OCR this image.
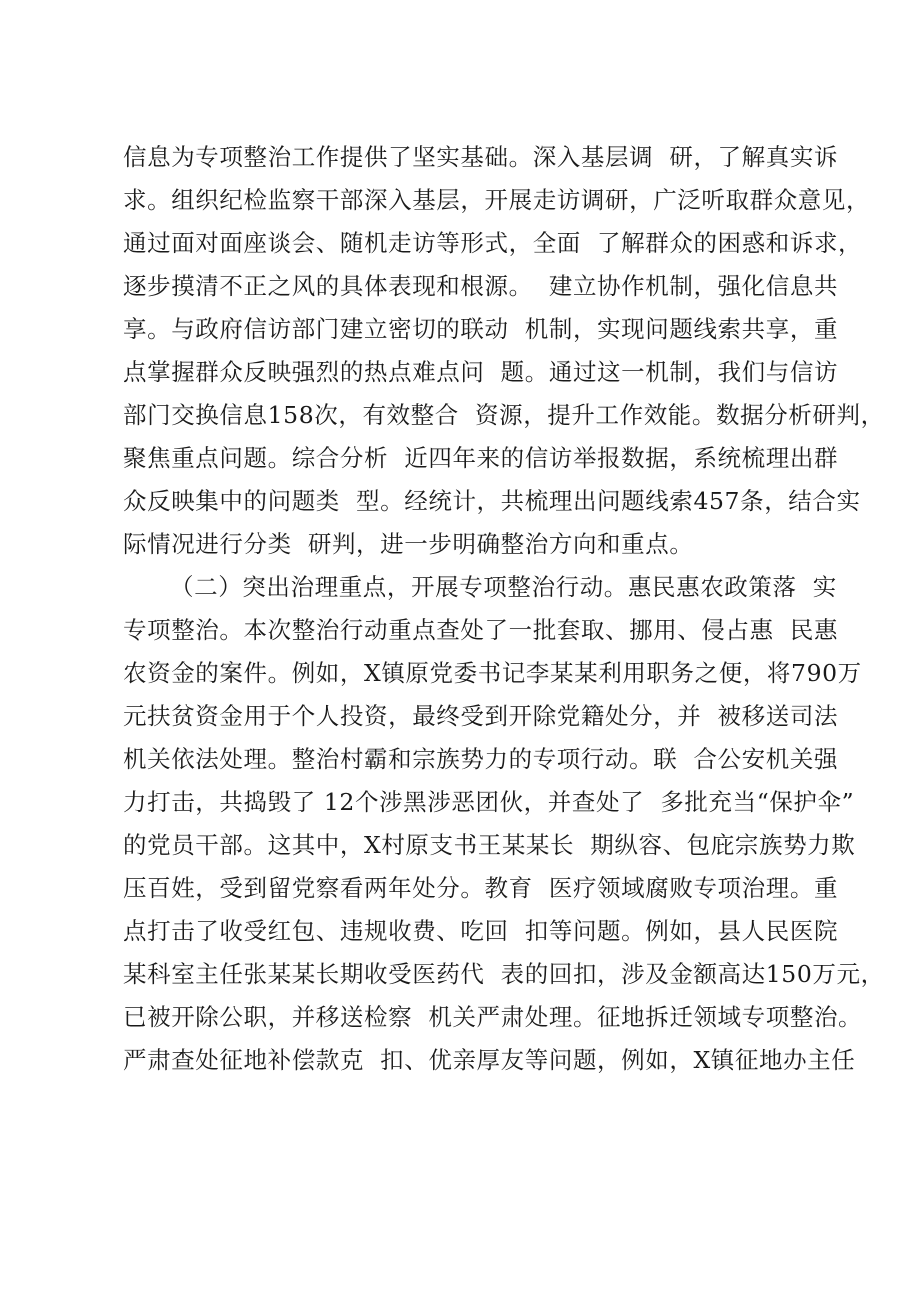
信息为专项整治工作提供了坚实基础。深入基层调  研，了解真实诉
求。组织纪检监察干部深入基层，开展走访调研，广泛听取群众意见，
通过面对面座谈会、随机走访等形式，全面  了解群众的困惑和诉求，
逐步摸清不正之风的具体表现和根源。  建立协作机制，强化信息共
享。与政府信访部门建立密切的联动  机制，实现问题线索共享，重
点掌握群众反映强烈的热点难点问  题。通过这一机制，我们与信访
部门交换信息158次，有效整合  资源，提升工作效能。数据分析研判，
聚焦重点问题。综合分析  近四年来的信访举报数据，系统梳理出群
众反映集中的问题类  型。经统计，共梳理出问题线索457条，结合实
际情况进行分类  研判，进一步明确整治方向和重点。
（二）突出治理重点，开展专项整治行动。惠民惠农政策落  实
专项整治。本次整治行动重点查处了一批套取、挪用、侵占惠  民惠
农资金的案件。例如，X镇原党委书记李某某利用职务之便，将790万
元扶贫资金用于个人投资，最终受到开除党籍处分，并  被移送司法
机关依法处理。整治村霸和宗族势力的专项行动。联  合公安机关强
力打击，共捣毁了 12个涉黑涉恶团伙，并查处了  多批充当“保护伞”
的党员干部。这其中，X村原支书王某某长  期纵容、包庇宗族势力欺
压百姓，受到留党察看两年处分。教育  医疗领域腐败专项治理。重
点打击了收受红包、违规收费、吃回  扣等问题。例如，县人民医院
某科室主任张某某长期收受医药代  表的回扣，涉及金额高达150万元，
已被开除公职，并移送检察  机关严肃处理。征地拆迁领域专项整治。
严肃查处征地补偿款克  扣、优亲厚友等问题，例如，X镇征地办主任
